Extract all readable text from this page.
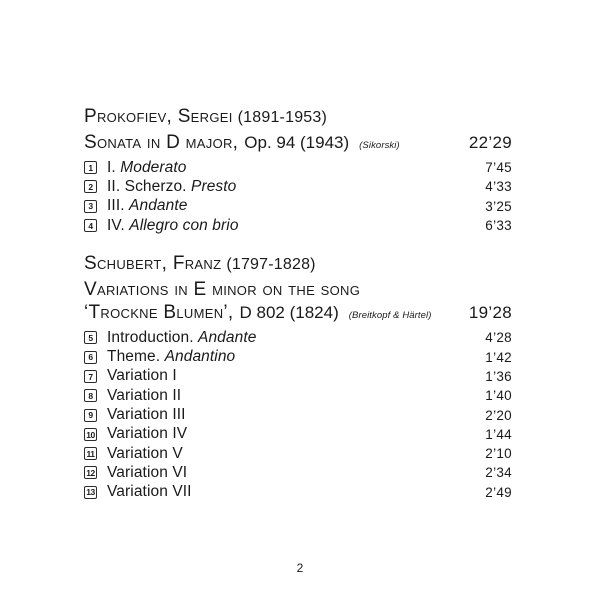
Prokofiev, Sergei (1891-1953)
Sonata in D major, Op. 94 (1943) (Sikorski)	22’29
1 I. Moderato	7’45
2 II. Scherzo. Presto	4’33
3 III. Andante	3’25
4 IV. Allegro con brio	6’33
Schubert, Franz (1797-1828)
Variations in E minor on the song
‘Trockne Blumen’, D 802 (1824) (Breitkopf & Härtel) 19’28
5 Introduction. Andante	4’28
6 Theme. Andantino	1’42
7 Variation I	1’36
8 Variation II	1’40
9 Variation III	2’20
10 Variation IV	1’44
11 Variation V	2’10
12 Variation VI	2’34
13 Variation VII	2’49
2
